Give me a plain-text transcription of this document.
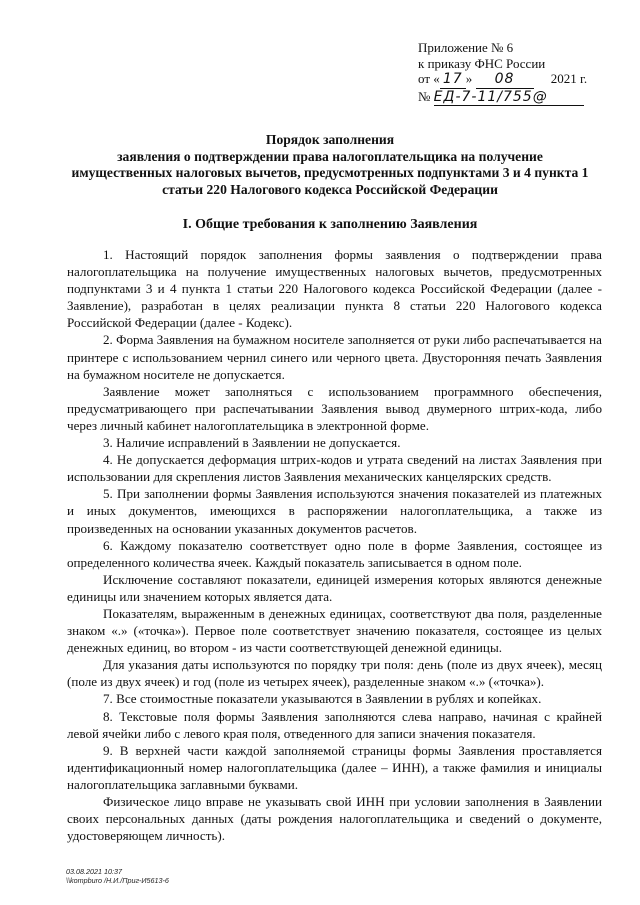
Приложение № 6
к приказу ФНС России
от « 17 » 08	2021 г.
№ ЕД-7-11/755@
Порядок заполнения
заявления о подтверждении права налогоплательщика на получение
имущественных налоговых вычетов, предусмотренных подпунктами 3 и 4 пункта 1
статьи 220 Налогового кодекса Российской Федерации
I. Общие требования к заполнению Заявления

1. Настоящий порядок заполнения формы заявления о подтверждении права налогоплательщика на получение имущественных налоговых вычетов, предусмотренных подпунктами 3 и 4 пункта 1 статьи 220 Налогового кодекса Российской Федерации (далее - Заявление), разработан в целях реализации пункта 8 статьи 220 Налогового кодекса Российской Федерации (далее - Кодекс).

2. Форма Заявления на бумажном носителе заполняется от руки либо распечатывается на принтере с использованием чернил синего или черного цвета. Двусторонняя печать Заявления на бумажном носителе не допускается.

Заявление может заполняться с использованием программного обеспечения, предусматривающего при распечатывании Заявления вывод двумерного штрих-кода, либо через личный кабинет налогоплательщика в электронной форме.

3. Наличие исправлений в Заявлении не допускается.

4. Не допускается деформация штрих-кодов и утрата сведений на листах Заявления при использовании для скрепления листов Заявления механических канцелярских средств.

5. При заполнении формы Заявления используются значения показателей из платежных и иных документов, имеющихся в распоряжении налогоплательщика, а также из произведенных на основании указанных документов расчетов.

6. Каждому показателю соответствует одно поле в форме Заявления, состоящее из определенного количества ячеек. Каждый показатель записывается в одном поле.

Исключение составляют показатели, единицей измерения которых являются денежные единицы или значением которых является дата.

Показателям, выраженным в денежных единицах, соответствуют два поля, разделенные знаком «.» («точка»). Первое поле соответствует значению показателя, состоящее из целых денежных единиц, во втором - из части соответствующей денежной единицы.

Для указания даты используются по порядку три поля: день (поле из двух ячеек), месяц (поле из двух ячеек) и год (поле из четырех ячеек), разделенные знаком «.» («точка»).

7. Все стоимостные показатели указываются в Заявлении в рублях и копейках.

8. Текстовые поля формы Заявления заполняются слева направо, начиная с крайней левой ячейки либо с левого края поля, отведенного для записи значения показателя.

9. В верхней части каждой заполняемой страницы формы Заявления проставляется идентификационный номер налогоплательщика (далее – ИНН), а также фамилия и инициалы налогоплательщика заглавными буквами.

Физическое лицо вправе не указывать свой ИНН при условии заполнения в Заявлении своих персональных данных (даты рождения налогоплательщика и сведений о документе, удостоверяющем личность).

03.08.2021 10:37
\\kompburo /Н.И./Приг-И5613-6
